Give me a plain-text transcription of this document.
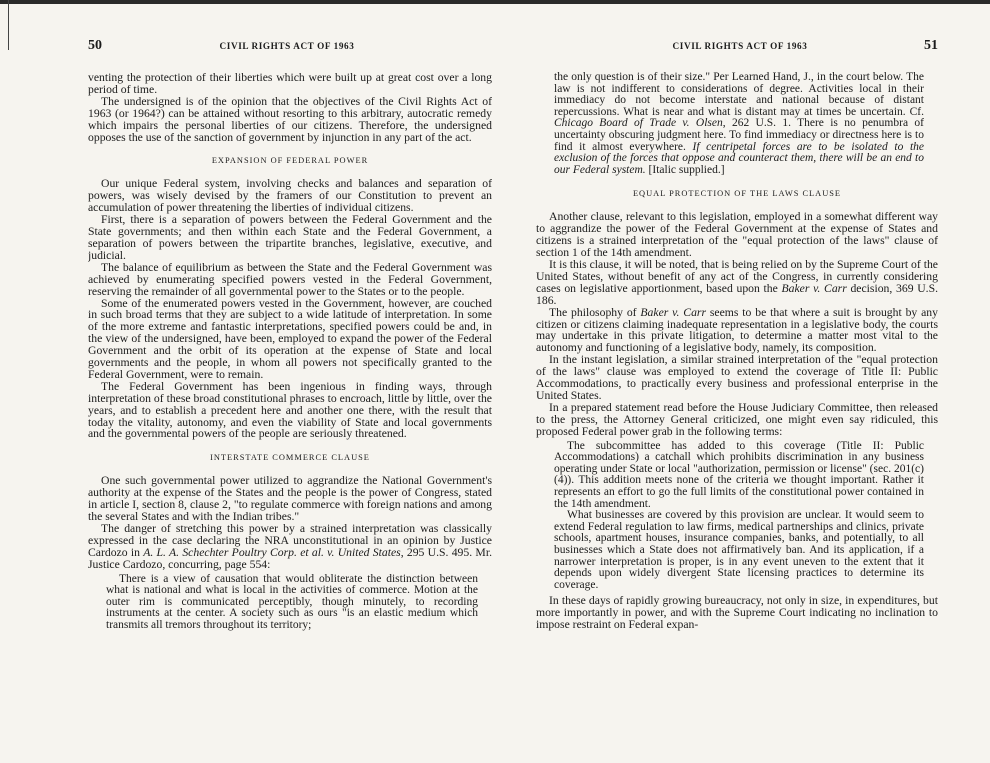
50	CIVIL RIGHTS ACT OF 1963

venting the protection of their liberties which were built up at great cost over a long period of time.

The undersigned is of the opinion that the objectives of the Civil Rights Act of 1963 (or 1964?) can be attained without resorting to this arbitrary, autocratic remedy which impairs the personal liberties of our citizens. Therefore, the undersigned opposes the use of the sanction of government by injunction in any part of the act.

EXPANSION OF FEDERAL POWER

Our unique Federal system, involving checks and balances and separation of powers, was wisely devised by the framers of our Constitution to prevent an accumulation of power threatening the liberties of individual citizens.

First, there is a separation of powers between the Federal Government and the State governments; and then within each State and the Federal Government, a separation of powers between the tripartite branches, legislative, executive, and judicial.

The balance of equilibrium as between the State and the Federal Government was achieved by enumerating specified powers vested in the Federal Government, reserving the remainder of all governmental power to the States or to the people.

Some of the enumerated powers vested in the Government, however, are couched in such broad terms that they are subject to a wide latitude of interpretation. In some of the more extreme and fantastic interpretations, specified powers could be and, in the view of the undersigned, have been, employed to expand the power of the Federal Government and the orbit of its operation at the expense of State and local governments and the people, in whom all powers not specifically granted to the Federal Government, were to remain.

The Federal Government has been ingenious in finding ways, through interpretation of these broad constitutional phrases to encroach, little by little, over the years, and to establish a precedent here and another one there, with the result that today the vitality, autonomy, and even the viability of State and local governments and the governmental powers of the people are seriously threatened.

INTERSTATE COMMERCE CLAUSE

One such governmental power utilized to aggrandize the National Government's authority at the expense of the States and the people is the power of Congress, stated in article I, section 8, clause 2, "to regulate commerce with foreign nations and among the several States and with the Indian tribes."

The danger of stretching this power by a strained interpretation was classically expressed in the case declaring the NRA unconstitutional in an opinion by Justice Cardozo in A. L. A. Schechter Poultry Corp. et al. v. United States, 295 U.S. 495. Mr. Justice Cardozo, concurring, page 554:

There is a view of causation that would obliterate the distinction between what is national and what is local in the activities of commerce. Motion at the outer rim is communicated perceptibly, though minutely, to recording instruments at the center. A society such as ours "is an elastic medium which transmits all tremors throughout its territory;

CIVIL RIGHTS ACT OF 1963	51

the only question is of their size." Per Learned Hand, J., in the court below. The law is not indifferent to considerations of degree. Activities local in their immediacy do not become interstate and national because of distant repercussions. What is near and what is distant may at times be uncertain. Cf. Chicago Board of Trade v. Olsen, 262 U.S. 1. There is no penumbra of uncertainty obscuring judgment here. To find immediacy or directness here is to find it almost everywhere. If centripetal forces are to be isolated to the exclusion of the forces that oppose and counteract them, there will be an end to our Federal system. [Italic supplied.]

EQUAL PROTECTION OF THE LAWS CLAUSE

Another clause, relevant to this legislation, employed in a somewhat different way to aggrandize the power of the Federal Government at the expense of States and citizens is a strained interpretation of the "equal protection of the laws" clause of section 1 of the 14th amendment.

It is this clause, it will be noted, that is being relied on by the Supreme Court of the United States, without benefit of any act of the Congress, in currently considering cases on legislative apportionment, based upon the Baker v. Carr decision, 369 U.S. 186.

The philosophy of Baker v. Carr seems to be that where a suit is brought by any citizen or citizens claiming inadequate representation in a legislative body, the courts may undertake in this private litigation, to determine a matter most vital to the autonomy and functioning of a legislative body, namely, its composition.

In the instant legislation, a similar strained interpretation of the "equal protection of the laws" clause was employed to extend the coverage of Title II: Public Accommodations, to practically every business and professional enterprise in the United States.

In a prepared statement read before the House Judiciary Committee, then released to the press, the Attorney General criticized, one might even say ridiculed, this proposed Federal power grab in the following terms:

The subcommittee has added to this coverage (Title II: Public Accommodations) a catchall which prohibits discrimination in any business operating under State or local "authorization, permission or license" (sec. 201(c)(4)). This addition meets none of the criteria we thought important. Rather it represents an effort to go the full limits of the constitutional power contained in the 14th amendment.

What businesses are covered by this provision are unclear. It would seem to extend Federal regulation to law firms, medical partnerships and clinics, private schools, apartment houses, insurance companies, banks, and potentially, to all businesses which a State does not affirmatively ban. And its application, if a narrower interpretation is proper, is in any event uneven to the extent that it depends upon widely divergent State licensing practices to determine its coverage.

In these days of rapidly growing bureaucracy, not only in size, in expenditures, but more importantly in power, and with the Supreme Court indicating no inclination to impose restraint on Federal expan-
